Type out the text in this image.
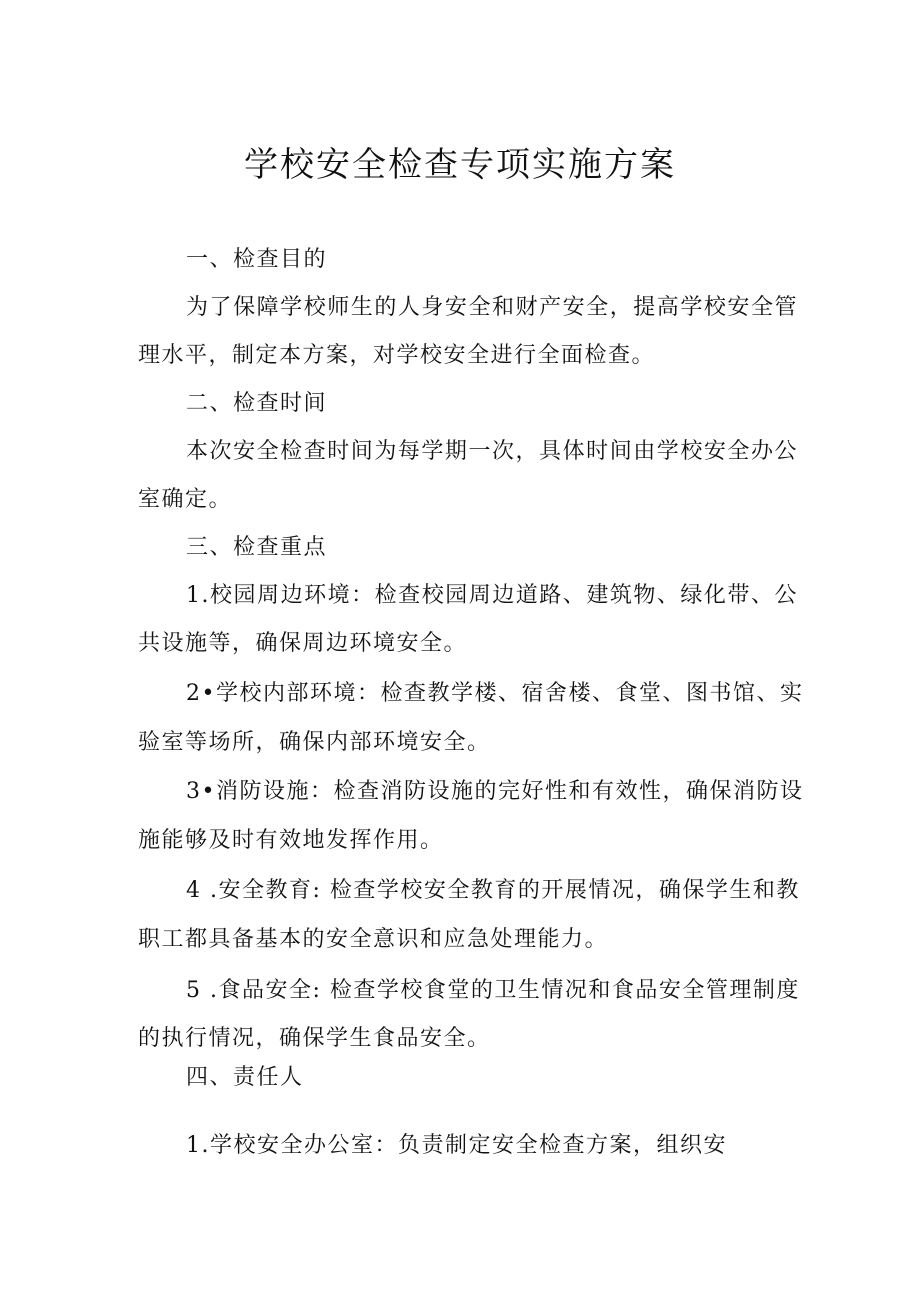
学校安全检查专项实施方案
一、检查目的
为了保障学校师生的人身安全和财产安全，提高学校安全管
理水平，制定本方案，对学校安全进行全面检查。
二、检查时间
本次安全检查时间为每学期一次，具体时间由学校安全办公
室确定。
三、检查重点
1.校园周边环境：检查校园周边道路、建筑物、绿化带、公
共设施等，确保周边环境安全。
2•学校内部环境：检查教学楼、宿舍楼、食堂、图书馆、实
验室等场所，确保内部环境安全。
3•消防设施：检查消防设施的完好性和有效性，确保消防设
施能够及时有效地发挥作用。
4 .安全教育: 检查学校安全教育的开展情况，确保学生和教
职工都具备基本的安全意识和应急处理能力。
5 .食品安全: 检查学校食堂的卫生情况和食品安全管理制度
的执行情况，确保学生食品安全。
四、责任人
1.学校安全办公室：负责制定安全检查方案，组织安
